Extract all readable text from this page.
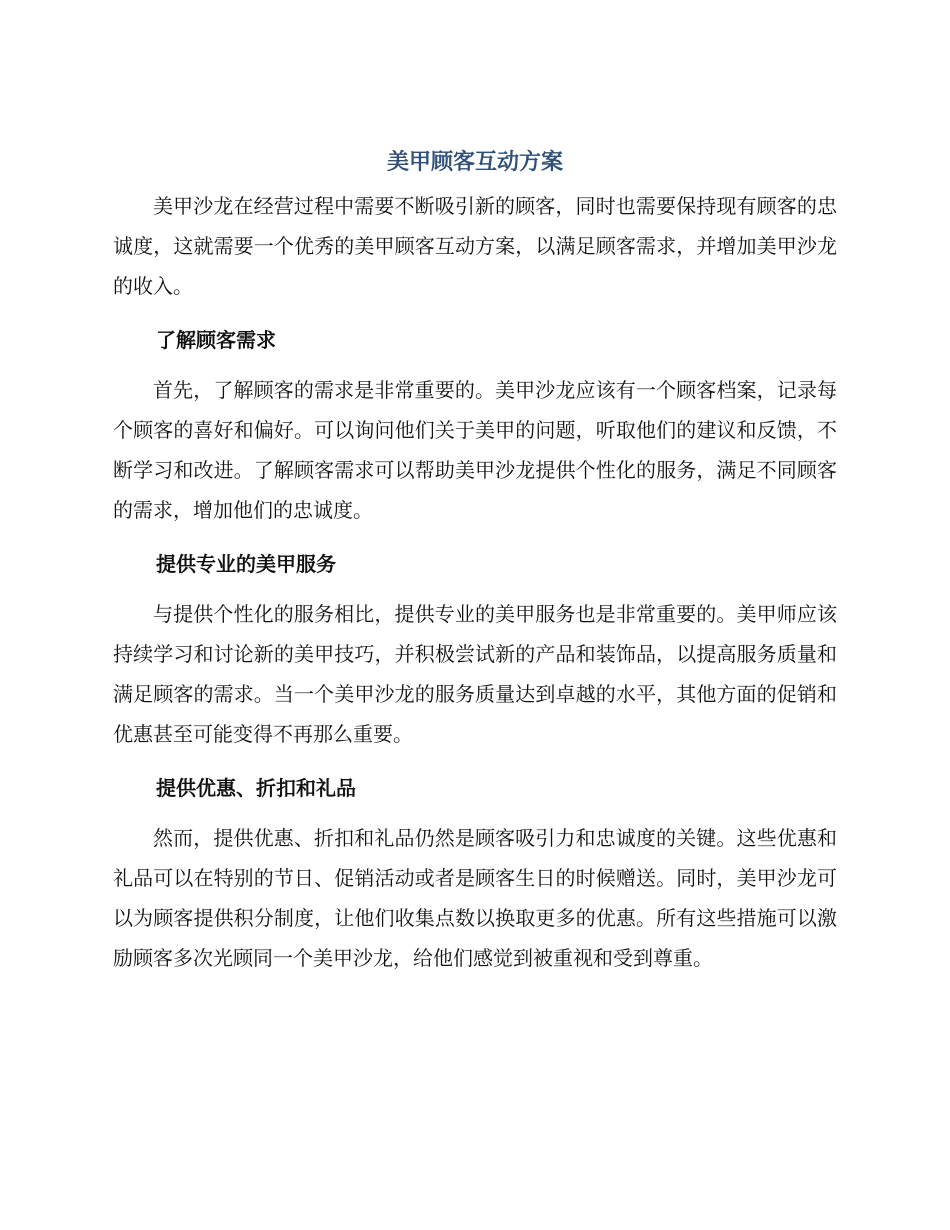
美甲顾客互动方案

美甲沙龙在经营过程中需要不断吸引新的顾客，同时也需要保持现有顾客的忠诚度，这就需要一个优秀的美甲顾客互动方案，以满足顾客需求，并增加美甲沙龙的收入。

了解顾客需求

首先，了解顾客的需求是非常重要的。美甲沙龙应该有一个顾客档案，记录每个顾客的喜好和偏好。可以询问他们关于美甲的问题，听取他们的建议和反馈，不断学习和改进。了解顾客需求可以帮助美甲沙龙提供个性化的服务，满足不同顾客的需求，增加他们的忠诚度。

提供专业的美甲服务

与提供个性化的服务相比，提供专业的美甲服务也是非常重要的。美甲师应该持续学习和讨论新的美甲技巧，并积极尝试新的产品和装饰品，以提高服务质量和满足顾客的需求。当一个美甲沙龙的服务质量达到卓越的水平，其他方面的促销和优惠甚至可能变得不再那么重要。

提供优惠、折扣和礼品

然而，提供优惠、折扣和礼品仍然是顾客吸引力和忠诚度的关键。这些优惠和礼品可以在特别的节日、促销活动或者是顾客生日的时候赠送。同时，美甲沙龙可以为顾客提供积分制度，让他们收集点数以换取更多的优惠。所有这些措施可以激励顾客多次光顾同一个美甲沙龙，给他们感觉到被重视和受到尊重。
